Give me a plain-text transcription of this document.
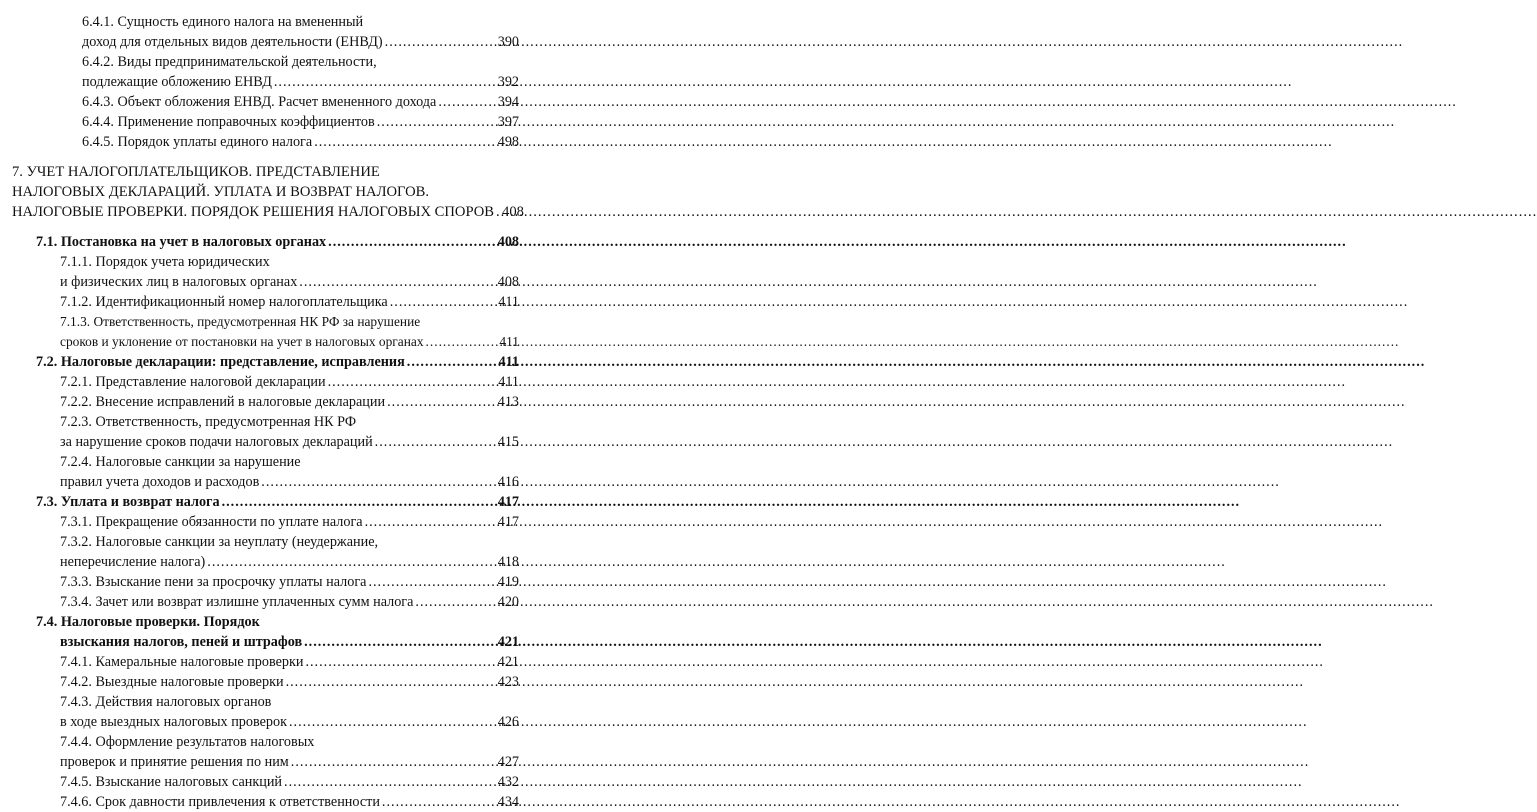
6.4.1. Сущность единого налога на вмененный
доход для отдельных видов деятельности (ЕНВД) .....	390
6.4.2. Виды предпринимательской деятельности,
подлежащие обложению ЕНВД .....	392
6.4.3. Объект обложения ЕНВД. Расчет вмененного дохода .....	394
6.4.4. Применение поправочных коэффициентов .....	397
6.4.5. Порядок уплаты единого налога .....	498
7. УЧЕТ НАЛОГОПЛАТЕЛЬЩИКОВ. ПРЕДСТАВЛЕНИЕ
НАЛОГОВЫХ ДЕКЛАРАЦИЙ. УПЛАТА И ВОЗВРАТ НАЛОГОВ.
НАЛОГОВЫЕ ПРОВЕРКИ. ПОРЯДОК РЕШЕНИЯ НАЛОГОВЫХ СПОРОВ ..... 408
7.1. Постановка на учет в налоговых органах .....	408
7.1.1. Порядок учета юридических
и физических лиц в налоговых органах .....	408
7.1.2. Идентификационный номер налогоплательщика .....	411
7.1.3. Ответственность, предусмотренная НК РФ за нарушение
сроков и уклонение от постановки на учет в налоговых органах .....	411
7.2. Налоговые декларации: представление, исправления .....	411
7.2.1. Представление налоговой декларации .....	411
7.2.2. Внесение исправлений в налоговые декларации .....	413
7.2.3. Ответственность, предусмотренная НК РФ
за нарушение сроков подачи налоговых деклараций .....	415
7.2.4. Налоговые санкции за нарушение
правил учета доходов и расходов .....	416
7.3. Уплата и возврат налога .....	417
7.3.1. Прекращение обязанности по уплате налога .....	417
7.3.2. Налоговые санкции за неуплату (неудержание,
неперечисление налога) .....	418
7.3.3. Взыскание пени за просрочку уплаты налога .....	419
7.3.4. Зачет или возврат излишне уплаченных сумм налога .....	420
7.4. Налоговые проверки. Порядок
взыскания налогов, пеней и штрафов .....	421
7.4.1. Камеральные налоговые проверки .....	421
7.4.2. Выездные налоговые проверки .....	423
7.4.3. Действия налоговых органов
в ходе выездных налоговых проверок .....	426
7.4.4. Оформление результатов налоговых
проверок и принятие решения по ним .....	427
7.4.5. Взыскание налоговых санкций .....	432
7.4.6. Срок давности привлечения к ответственности .....	434
